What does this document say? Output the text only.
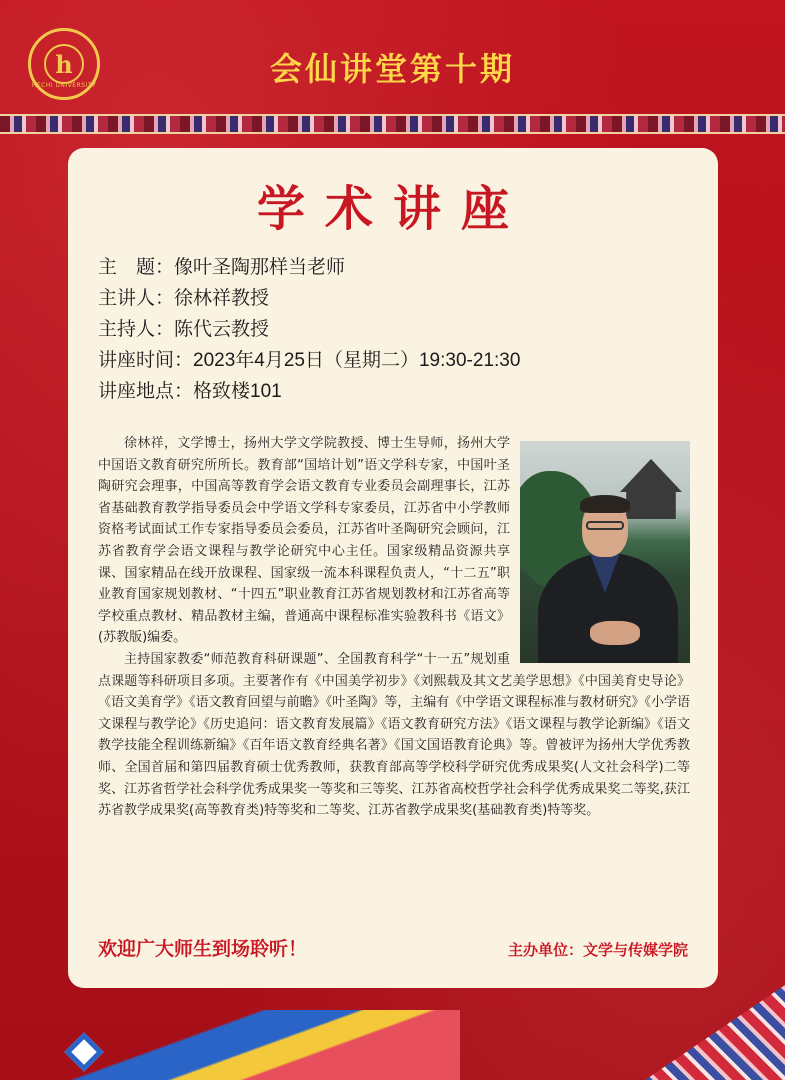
h
HECHI UNIVERSITY	会仙讲堂第十期
学术讲座
主　题：像叶圣陶那样当老师
主讲人：徐林祥教授
主持人：陈代云教授
讲座时间：2023年4月25日（星期二）19:30-21:30
讲座地点：格致楼101

徐林祥，文学博士，扬州大学文学院教授、博士生导师，扬州大学中国语文教育研究所所长。教育部“国培计划”语文学科专家，中国叶圣陶研究会理事，中国高等教育学会语文教育专业委员会副理事长，江苏省基础教育教学指导委员会中学语文学科专家委员，江苏省中小学教师资格考试面试工作专家指导委员会委员，江苏省叶圣陶研究会顾问，江苏省教育学会语文课程与教学论研究中心主任。国家级精品资源共享课、国家精品在线开放课程、国家级一流本科课程负责人，“十二五”职业教育国家规划教材、“十四五”职业教育江苏省规划教材和江苏省高等学校重点教材、精品教材主编，普通高中课程标准实验教科书《语文》(苏教版)编委。

主持国家教委“师范教育科研课题”、全国教育科学“十一五”规划重点课题等科研项目多项。主要著作有《中国美学初步》《刘熙载及其文艺美学思想》《中国美育史导论》《语文美育学》《语文教育回望与前瞻》《叶圣陶》等，主编有《中学语文课程标准与教材研究》《小学语文课程与教学论》《历史追问：语文教育发展篇》《语文教育研究方法》《语文课程与教学论新编》《语文教学技能全程训练新编》《百年语文教育经典名著》《国文国语教育论典》等。曾被评为扬州大学优秀教师、全国首届和第四届教育硕士优秀教师，获教育部高等学校科学研究优秀成果奖(人文社会科学)二等奖、江苏省哲学社会科学优秀成果奖一等奖和三等奖、江苏省高校哲学社会科学优秀成果奖二等奖,获江苏省教学成果奖(高等教育类)特等奖和二等奖、江苏省教学成果奖(基础教育类)特等奖。

欢迎广大师生到场聆听！	主办单位：文学与传媒学院
